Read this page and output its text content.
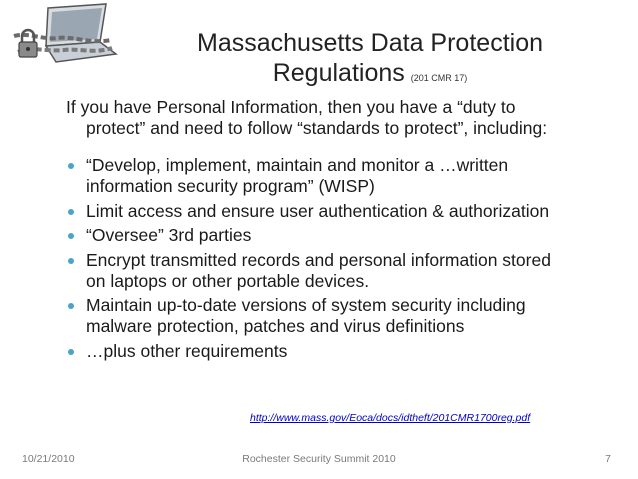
Massachusetts Data Protection
Regulations (201 CMR 17)
If you have Personal Information, then you have a “duty to
protect” and need to follow “standards to protect”, including:
“Develop, implement, maintain and monitor a …written
information security program” (WISP)
Limit access and ensure user authentication & authorization
“Oversee” 3rd parties
Encrypt transmitted records and personal information stored
on laptops or other portable devices.
Maintain up-to-date versions of system security including
malware protection, patches and virus definitions
…plus other requirements
http://www.mass.gov/Eoca/docs/idtheft/201CMR1700reg.pdf
10/21/2010	Rochester Security Summit 2010	7
